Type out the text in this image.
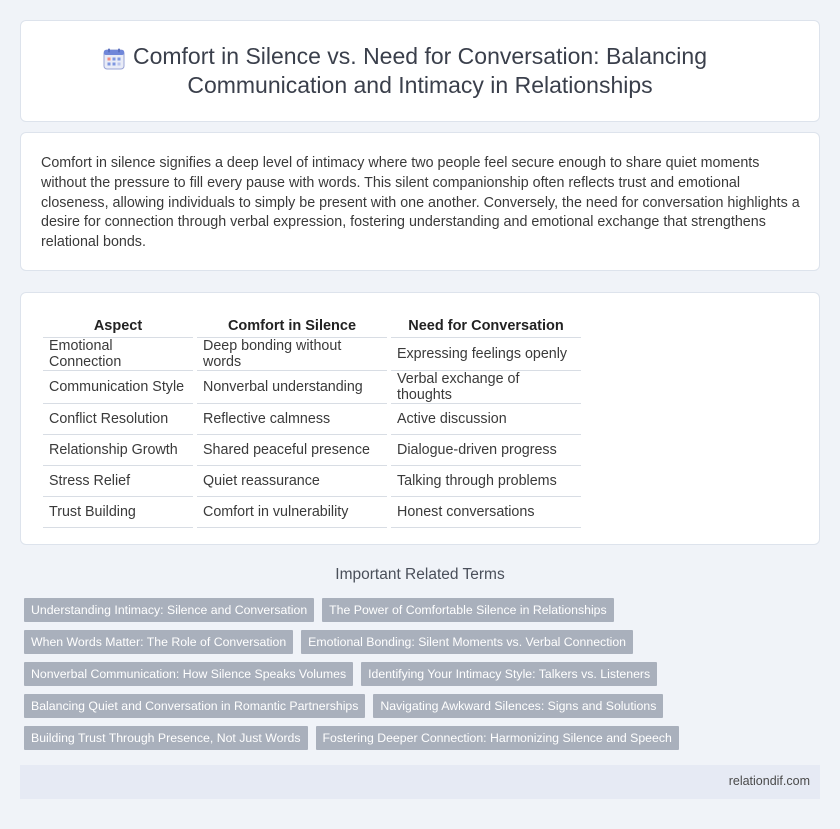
Comfort in Silence vs. Need for Conversation: Balancing Communication and Intimacy in Relationships

Comfort in silence signifies a deep level of intimacy where two people feel secure enough to share quiet moments without the pressure to fill every pause with words. This silent companionship often reflects trust and emotional closeness, allowing individuals to simply be present with one another. Conversely, the need for conversation highlights a desire for connection through verbal expression, fostering understanding and emotional exchange that strengthens relational bonds.

Aspect		Comfort in Silence		Need for Conversation
Emotional Connection		Deep bonding without words		Expressing feelings openly
Communication Style		Nonverbal understanding		Verbal exchange of thoughts
Conflict Resolution		Reflective calmness		Active discussion
Relationship Growth		Shared peaceful presence		Dialogue-driven progress
Stress Relief		Quiet reassurance		Talking through problems
Trust Building		Comfort in vulnerability		Honest conversations
Important Related Terms
Understanding Intimacy: Silence and Conversation	The Power of Comfortable Silence in Relationships
When Words Matter: The Role of Conversation	Emotional Bonding: Silent Moments vs. Verbal Connection
Nonverbal Communication: How Silence Speaks Volumes	Identifying Your Intimacy Style: Talkers vs. Listeners
Balancing Quiet and Conversation in Romantic Partnerships	Navigating Awkward Silences: Signs and Solutions
Building Trust Through Presence, Not Just Words	Fostering Deeper Connection: Harmonizing Silence and Speech
relationdif.com
